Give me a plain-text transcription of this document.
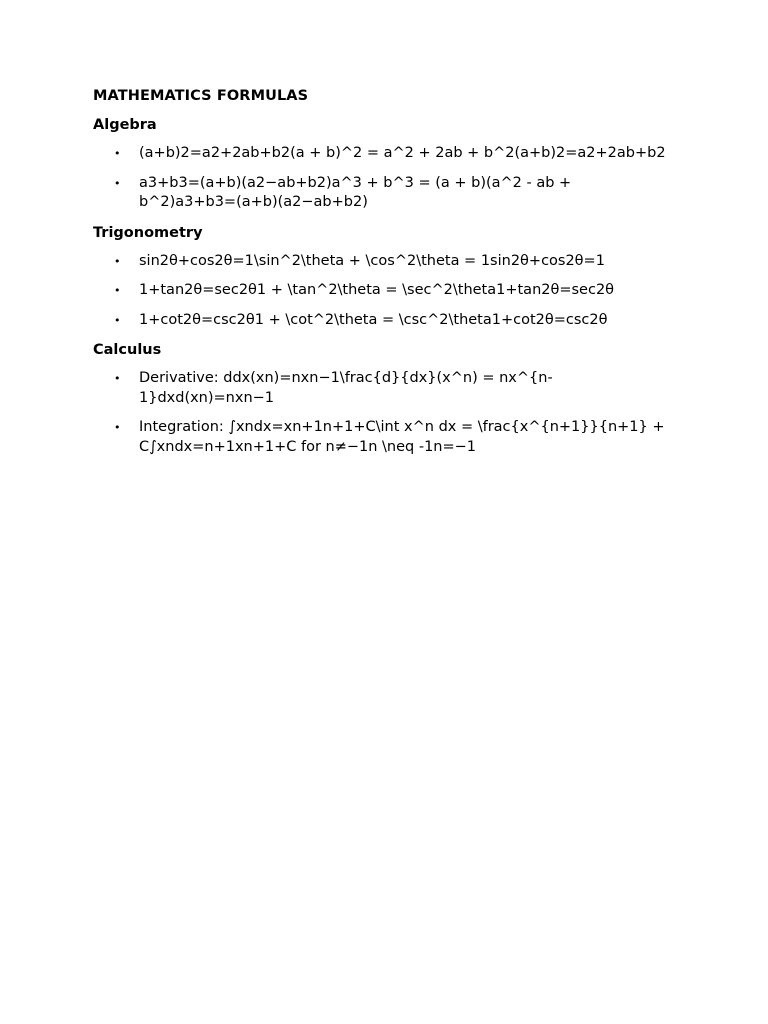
MATHEMATICS FORMULAS
Algebra
• (a+b)2=a2+2ab+b2(a + b)^2 = a^2 + 2ab + b^2(a+b)2=a2+2ab+b2
• a3+b3=(a+b)(a2−ab+b2)a^3 + b^3 = (a + b)(a^2 - ab + b^2)a3+b3=(a+b)(a2−ab+b2)
Trigonometry
• sin2θ+cos2θ=1\sin^2\theta + \cos^2\theta = 1sin2θ+cos2θ=1
• 1+tan2θ=sec2θ1 + \tan^2\theta = \sec^2\theta1+tan2θ=sec2θ
• 1+cot2θ=csc2θ1 + \cot^2\theta = \csc^2\theta1+cot2θ=csc2θ
Calculus
• Derivative: ddx(xn)=nxn−1\frac{d}{dx}(x^n) = nx^{n-1}dxd(xn)=nxn−1
• Integration: ∫xndx=xn+1n+1+C\int x^n dx = \frac{x^{n+1}}{n+1} + C∫xndx=n+1xn+1+C for n≠−1n \neq -1n=−1
